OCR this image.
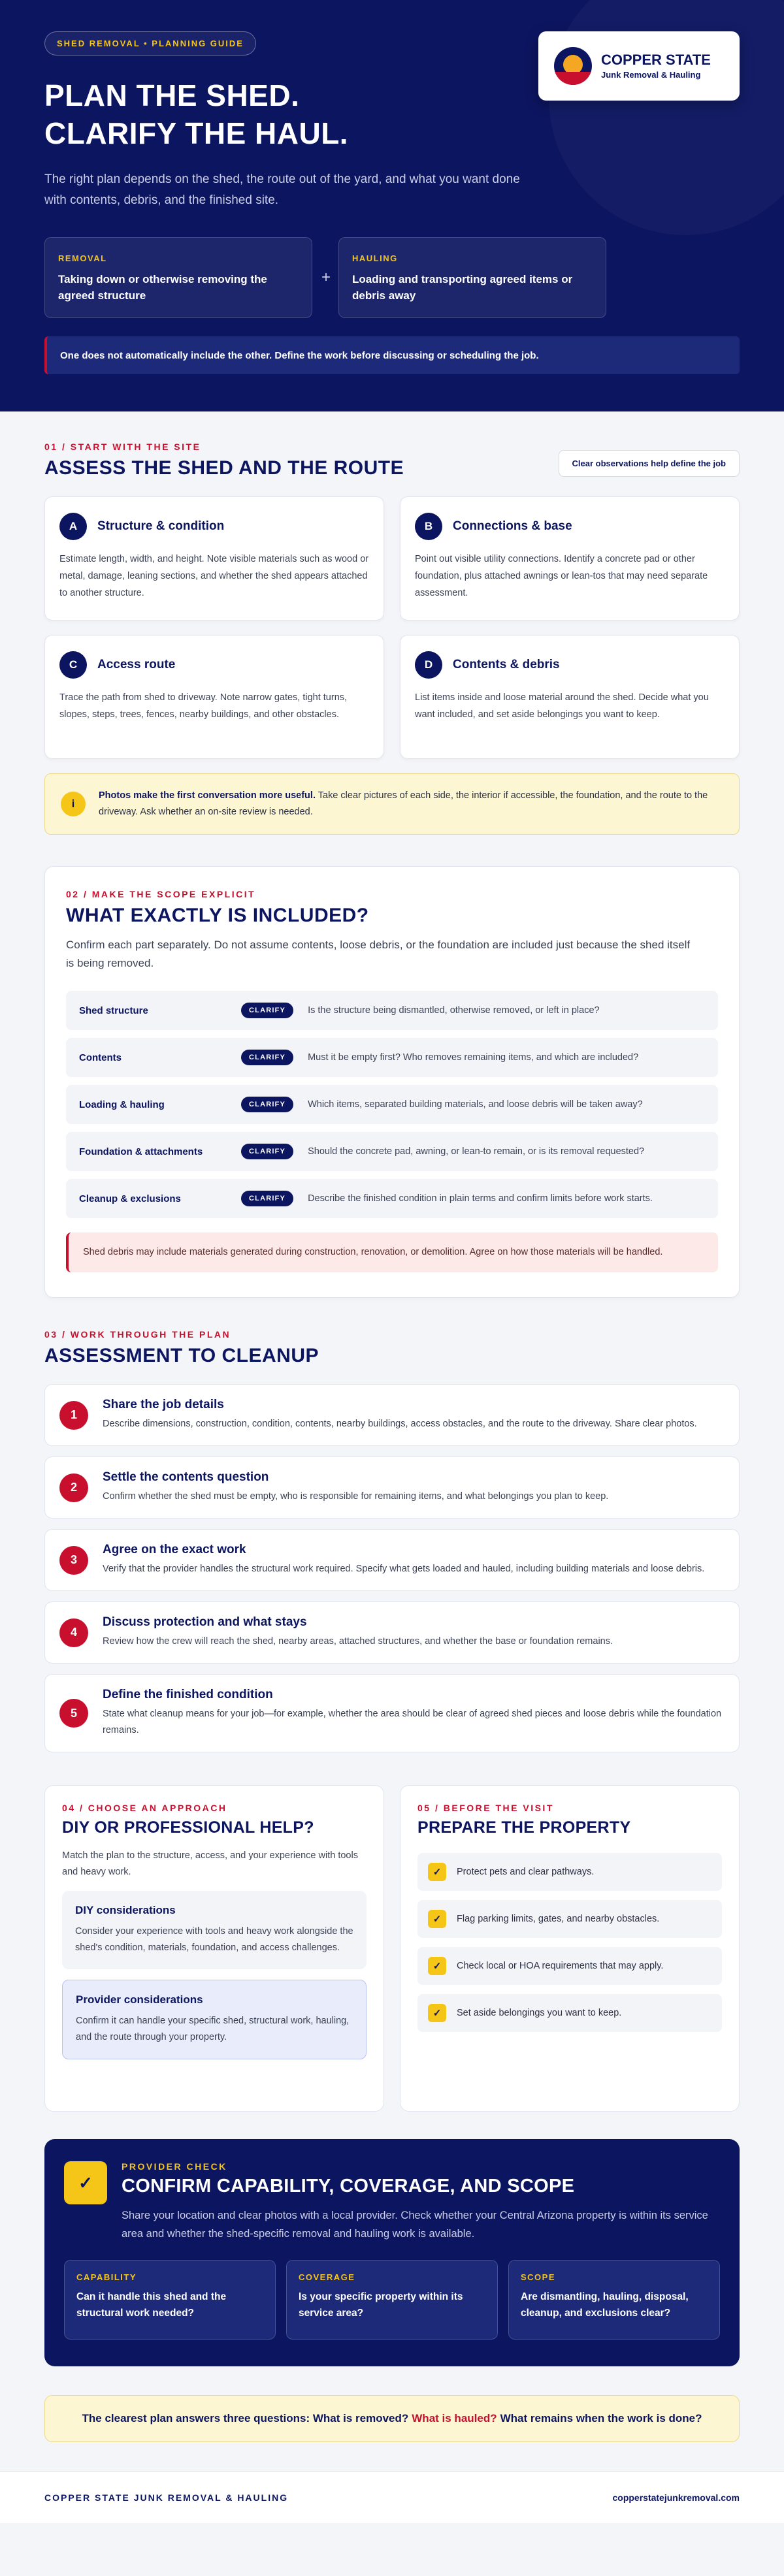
SHED REMOVAL • PLANNING GUIDE
COPPER STATE
Junk Removal & Hauling
PLAN THE SHED.
CLARIFY THE HAUL.

The right plan depends on the shed, the route out of the yard, and what you want done with contents, debris, and the finished site.

REMOVAL
Taking down or otherwise removing the agreed structure
+
HAULING
Loading and transporting agreed items or debris away
One does not automatically include the other. Define the work before discussing or scheduling the job.
01 / START WITH THE SITE
ASSESS THE SHED AND THE ROUTE	Clear observations help define the job
A	Structure & condition

Estimate length, width, and height. Note visible materials such as wood or metal, damage, leaning sections, and whether the shed appears attached to another structure.

B	Connections & base

Point out visible utility connections. Identify a concrete pad or other foundation, plus attached awnings or lean-tos that may need separate assessment.

C	Access route

Trace the path from shed to driveway. Note narrow gates, tight turns, slopes, steps, trees, fences, nearby buildings, and other obstacles.

D	Contents & debris

List items inside and loose material around the shed. Decide what you want included, and set aside belongings you want to keep.

i

Photos make the first conversation more useful. Take clear pictures of each side, the interior if accessible, the foundation, and the route to the driveway. Ask whether an on-site review is needed.

02 / MAKE THE SCOPE EXPLICIT
WHAT EXACTLY IS INCLUDED?

Confirm each part separately. Do not assume contents, loose debris, or the foundation are included just because the shed itself is being removed.

Shed structure	CLARIFY	Is the structure being dismantled, otherwise removed, or left in place?
Contents	CLARIFY	Must it be empty first? Who removes remaining items, and which are included?
Loading & hauling	CLARIFY	Which items, separated building materials, and loose debris will be taken away?
Foundation & attachments	CLARIFY	Should the concrete pad, awning, or lean-to remain, or is its removal requested?
Cleanup & exclusions	CLARIFY	Describe the finished condition in plain terms and confirm limits before work starts.
Shed debris may include materials generated during construction, renovation, or demolition. Agree on how those materials will be handled.
03 / WORK THROUGH THE PLAN
ASSESSMENT TO CLEANUP
1
Share the job details

Describe dimensions, construction, condition, contents, nearby buildings, access obstacles, and the route to the driveway. Share clear photos.

2
Settle the contents question

Confirm whether the shed must be empty, who is responsible for remaining items, and what belongings you plan to keep.

3
Agree on the exact work

Verify that the provider handles the structural work required. Specify what gets loaded and hauled, including building materials and loose debris.

4
Discuss protection and what stays

Review how the crew will reach the shed, nearby areas, attached structures, and whether the base or foundation remains.

5
Define the finished condition

State what cleanup means for your job—for example, whether the area should be clear of agreed shed pieces and loose debris while the foundation remains.

04 / CHOOSE AN APPROACH
DIY OR PROFESSIONAL HELP?

Match the plan to the structure, access, and your experience with tools and heavy work.

DIY considerations

Consider your experience with tools and heavy work alongside the shed's condition, materials, foundation, and access challenges.

Provider considerations

Confirm it can handle your specific shed, structural work, hauling, and the route through your property.

05 / BEFORE THE VISIT
PREPARE THE PROPERTY
✓	Protect pets and clear pathways.
✓	Flag parking limits, gates, and nearby obstacles.
✓	Check local or HOA requirements that may apply.
✓	Set aside belongings you want to keep.
✓
PROVIDER CHECK
CONFIRM CAPABILITY, COVERAGE, AND SCOPE

Share your location and clear photos with a local provider. Check whether your Central Arizona property is within its service area and whether the shed-specific removal and hauling work is available.

CAPABILITY
Can it handle this shed and the structural work needed?
COVERAGE
Is your specific property within its service area?
SCOPE
Are dismantling, hauling, disposal, cleanup, and exclusions clear?
The clearest plan answers three questions: What is removed? What is hauled? What remains when the work is done?
COPPER STATE JUNK REMOVAL & HAULING	copperstatejunkremoval.com
